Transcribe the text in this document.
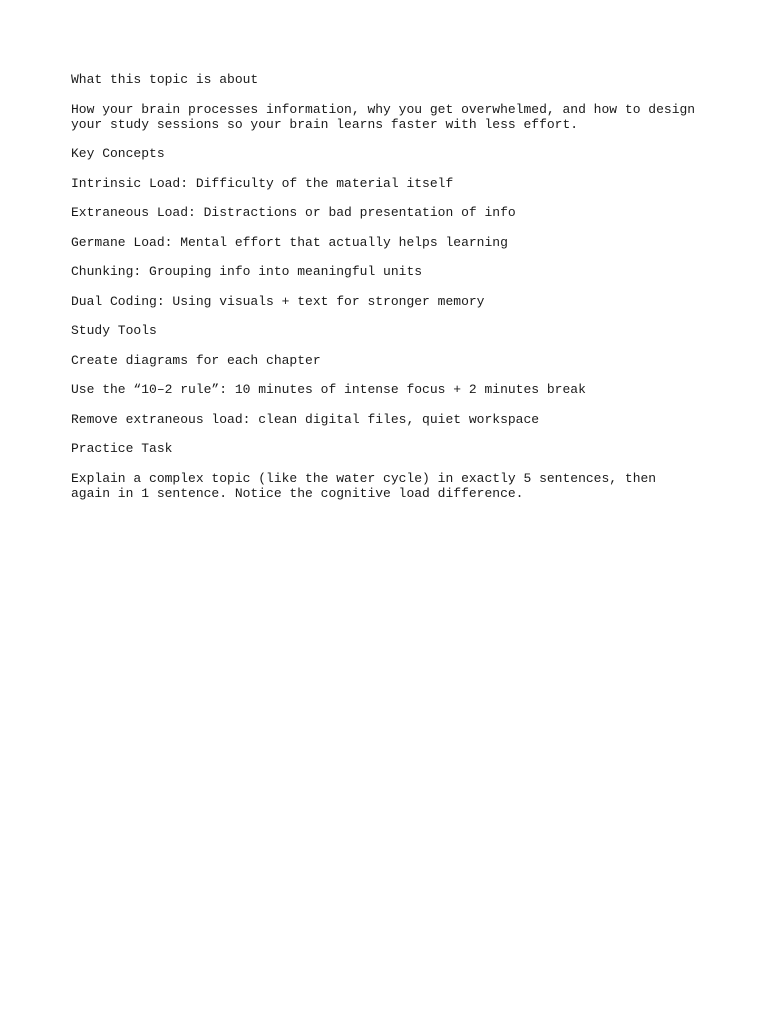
What this topic is about

How your brain processes information, why you get overwhelmed, and how to design your study sessions so your brain learns faster with less effort.

Key Concepts

Intrinsic Load: Difficulty of the material itself

Extraneous Load: Distractions or bad presentation of info

Germane Load: Mental effort that actually helps learning

Chunking: Grouping info into meaningful units

Dual Coding: Using visuals + text for stronger memory

Study Tools

Create diagrams for each chapter

Use the “10–2 rule”: 10 minutes of intense focus + 2 minutes break

Remove extraneous load: clean digital files, quiet workspace

Practice Task

Explain a complex topic (like the water cycle) in exactly 5 sentences, then again in 1 sentence. Notice the cognitive load difference.
